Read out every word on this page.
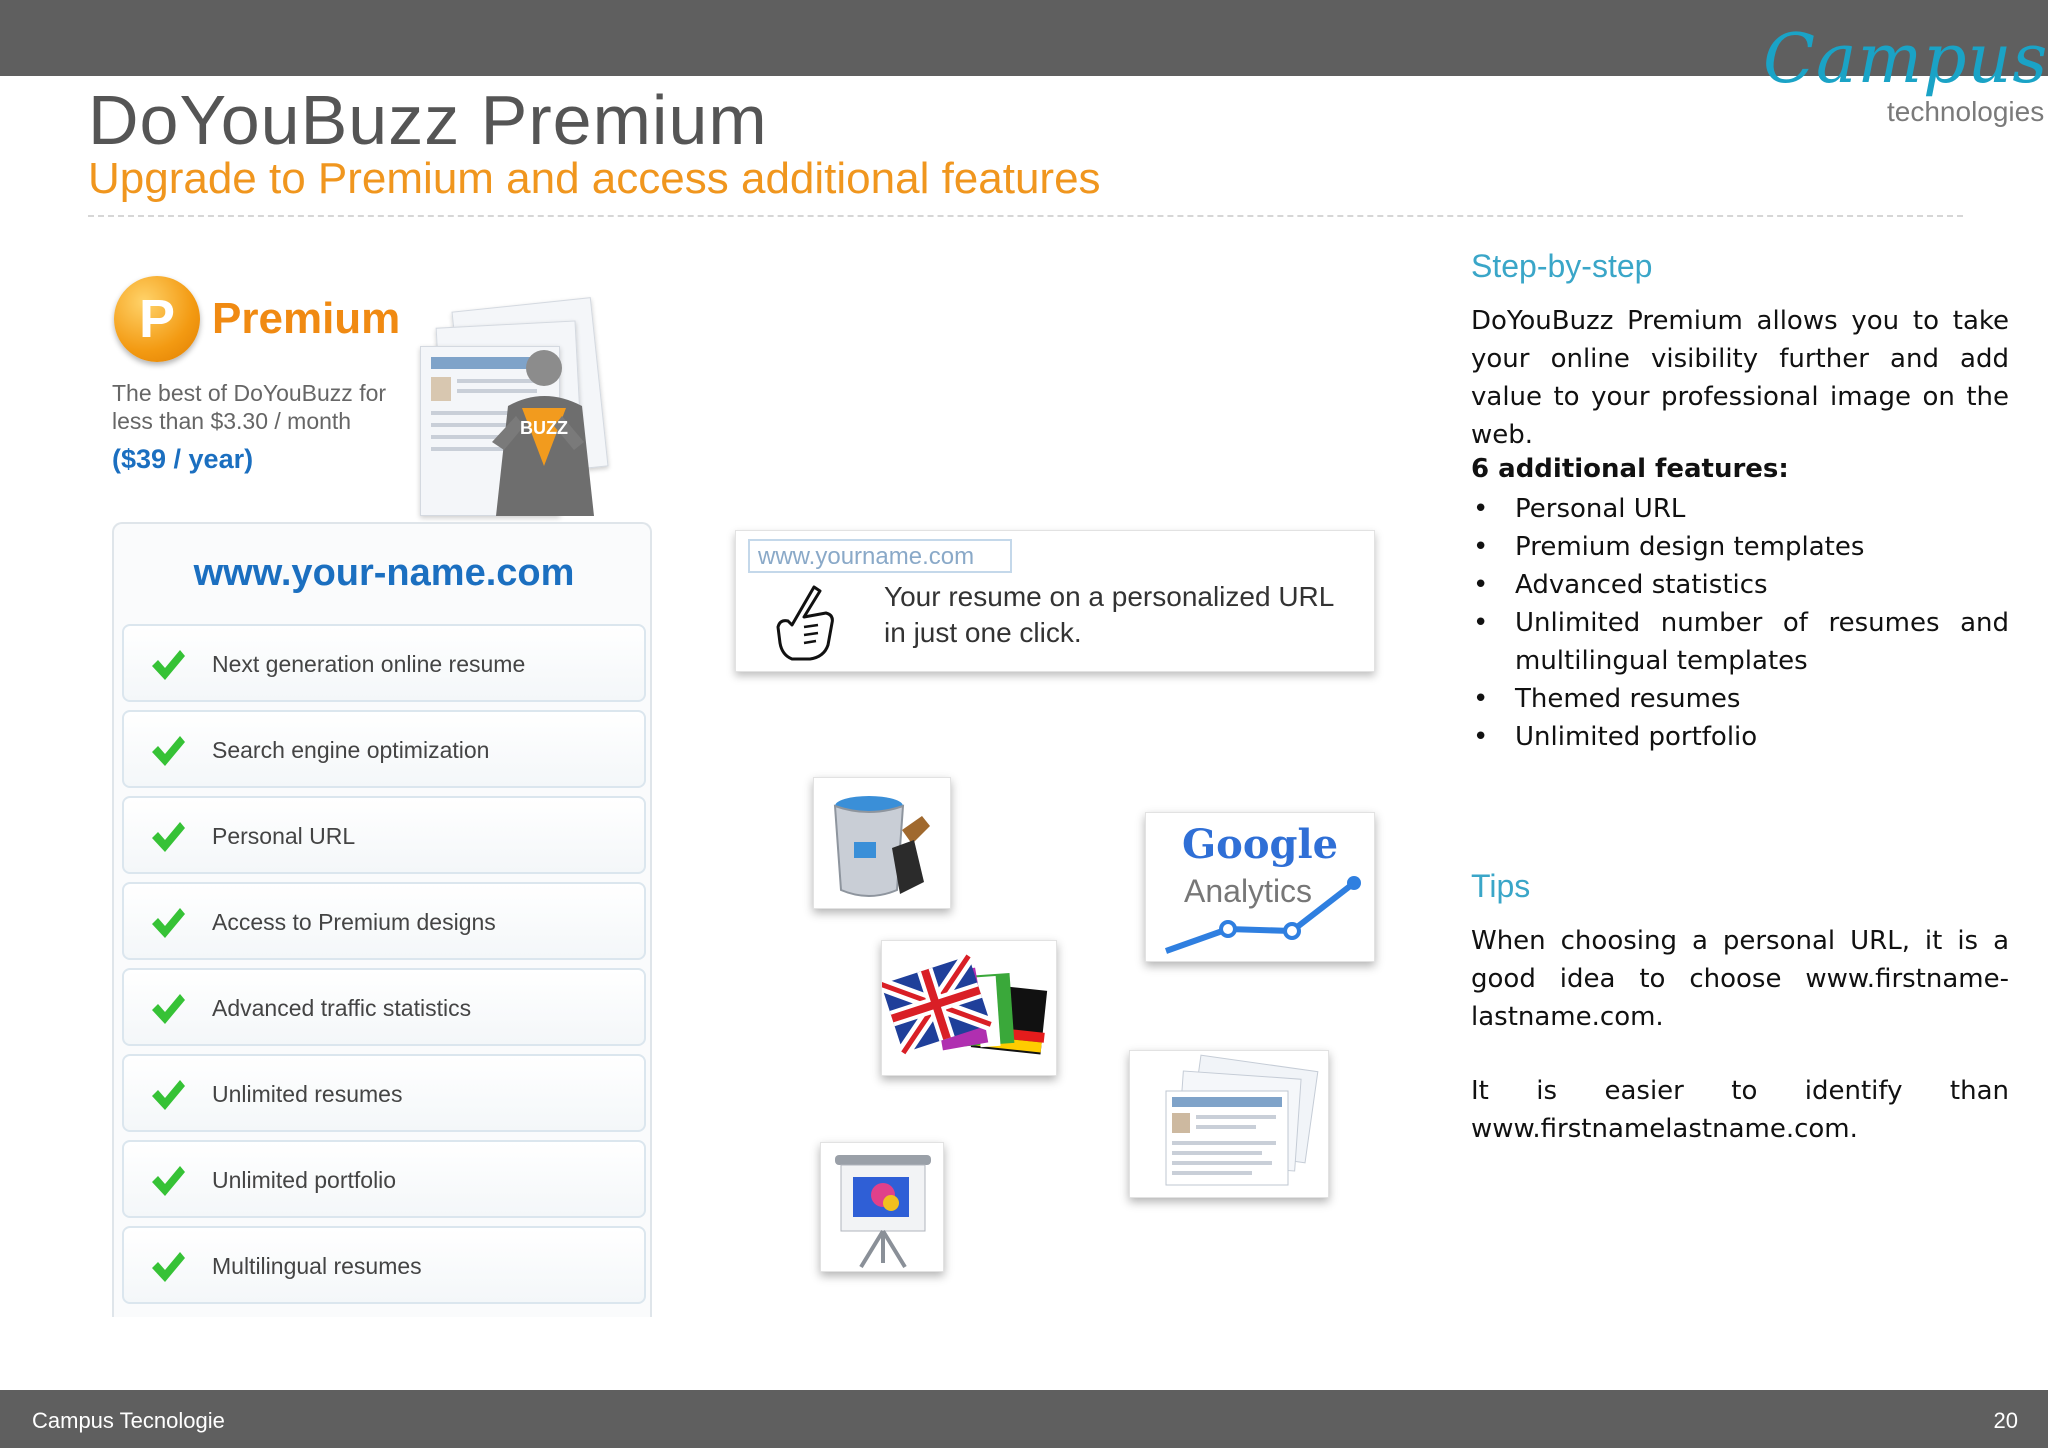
Campus
technologies
DoYouBuzz Premium
Upgrade to Premium and access additional features
P Premium
The best of DoYouBuzz for
less than $3.30 / month
($39 / year)
BUZZ
www.your-name.com
Next generation online resume
Search engine optimization
Personal URL
Access to Premium designs
Advanced traffic statistics
Unlimited resumes
Unlimited portfolio
Multilingual resumes
www.yourname.com
Your resume on a personalized URL
in just one click.
Google
Analytics
Step-by-step
DoYouBuzz Premium allows you to take your online visibility further and add value to your professional image on the web.
6 additional features:
• Personal URL
• Premium design templates
• Advanced statistics
• Unlimited number of resumes and multilingual templates
• Themed resumes
• Unlimited portfolio
Tips
When choosing a personal URL, it is a good idea to choose www.firstname-lastname.com.
It is easier to identify than www.firstnamelastname.com.
Campus Tecnologie	20
